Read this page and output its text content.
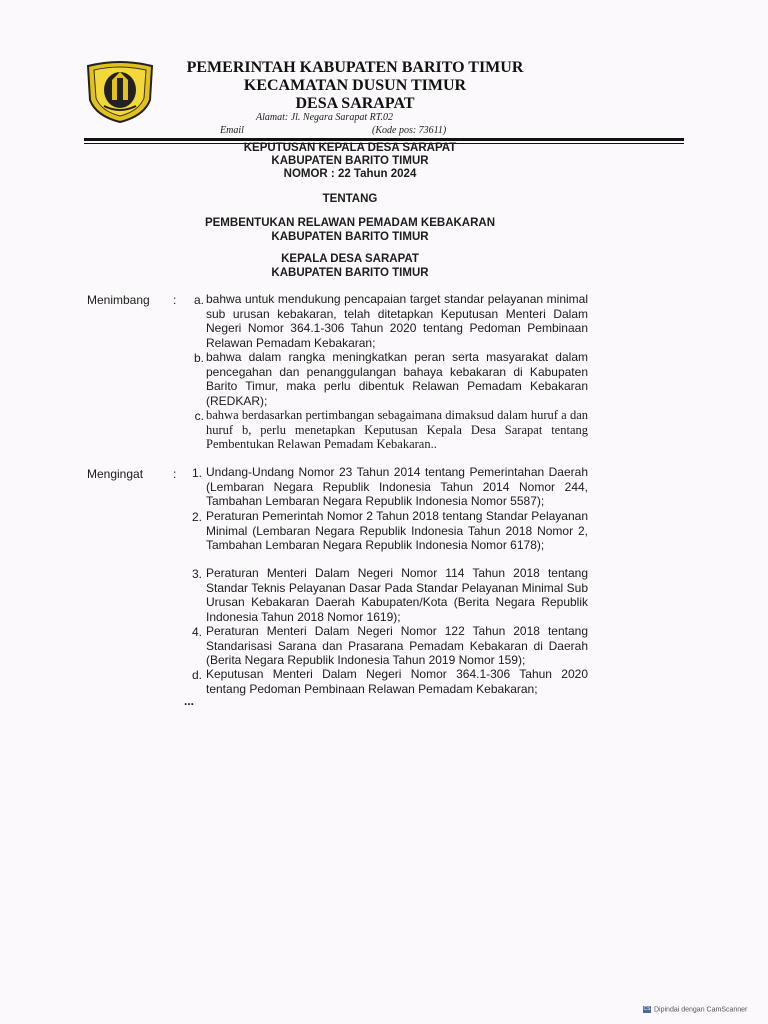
PEMERINTAH KABUPATEN BARITO TIMUR
KECAMATAN DUSUN TIMUR
DESA SARAPAT
Alamat: Jl. Negara Sarapat RT.02
Email	(Kode pos: 73611)
KEPUTUSAN KEPALA DESA SARAPAT
KABUPATEN BARITO TIMUR
NOMOR : 22 Tahun 2024
TENTANG
PEMBENTUKAN RELAWAN PEMADAM KEBAKARAN
KABUPATEN BARITO TIMUR
KEPALA DESA SARAPAT
KABUPATEN BARITO TIMUR
Menimbang :	a. bahwa untuk mendukung pencapaian target standar pelayanan minimal sub urusan kebakaran, telah ditetapkan Keputusan Menteri Dalam Negeri Nomor 364.1-306 Tahun 2020 tentang Pedoman Pembinaan Relawan Pemadam Kebakaran;
b. bahwa dalam rangka meningkatkan peran serta masyarakat dalam pencegahan dan penanggulangan bahaya kebakaran di Kabupaten Barito Timur, maka perlu dibentuk Relawan Pemadam Kebakaran (REDKAR);
c. bahwa berdasarkan pertimbangan sebagaimana dimaksud dalam huruf a dan huruf b, perlu menetapkan Keputusan Kepala Desa Sarapat tentang Pembentukan Relawan Pemadam Kebakaran..
Mengingat :	1. Undang-Undang Nomor 23 Tahun 2014 tentang Pemerintahan Daerah (Lembaran Negara Republik Indonesia Tahun 2014 Nomor 244, Tambahan Lembaran Negara Republik Indonesia Nomor 5587);
2. Peraturan Pemerintah Nomor 2 Tahun 2018 tentang Standar Pelayanan Minimal (Lembaran Negara Republik Indonesia Tahun 2018 Nomor 2, Tambahan Lembaran Negara Republik Indonesia Nomor 6178);
3. Peraturan Menteri Dalam Negeri Nomor 114 Tahun 2018 tentang Standar Teknis Pelayanan Dasar Pada Standar Pelayanan Minimal Sub Urusan Kebakaran Daerah Kabupaten/Kota (Berita Negara Republik Indonesia Tahun 2018 Nomor 1619);
4. Peraturan Menteri Dalam Negeri Nomor 122 Tahun 2018 tentang Standarisasi Sarana dan Prasarana Pemadam Kebakaran di Daerah (Berita Negara Republik Indonesia Tahun 2019 Nomor 159);
d. Keputusan Menteri Dalam Negeri Nomor 364.1-306 Tahun 2020 tentang Pedoman Pembinaan Relawan Pemadam Kebakaran;
...
CS Dipindai dengan CamScanner
